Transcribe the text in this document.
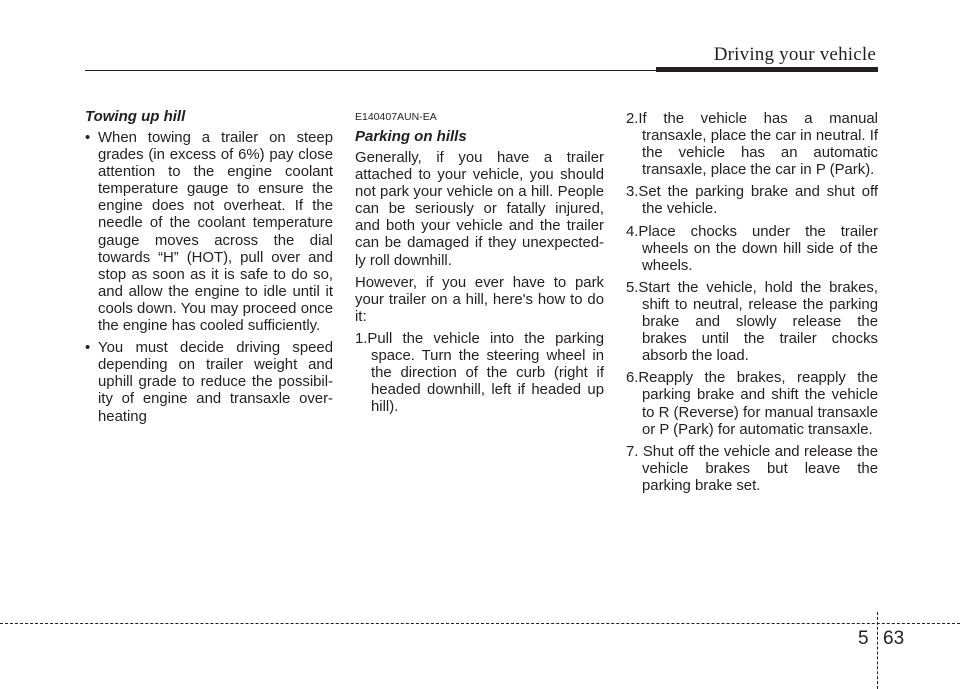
Driving your vehicle
Towing up hill
• When towing a trailer on steep grades (in excess of 6%) pay close attention to the engine coolant temperature gauge to ensure the engine does not overheat. If the needle of the coolant temperature gauge moves across the dial towards “H” (HOT), pull over and stop as soon as it is safe to do so, and allow the engine to idle until it cools down. You may proceed once the engine has cooled sufficiently.
• You must decide driving speed depending on trailer weight and uphill grade to reduce the possibil- ity of engine and transaxle over- heating
E140407AUN-EA
Parking on hills

Generally, if you have a trailer attached to your vehicle, you should not park your vehicle on a hill. People can be seriously or fatally injured, and both your vehicle and the trailer can be damaged if they unexpected- ly roll downhill.

However, if you ever have to park your trailer on a hill, here's how to do it:

1.Pull the vehicle into the parking space. Turn the steering wheel in the direction of the curb (right if headed downhill, left if headed up hill).
2.If the vehicle has a manual transaxle, place the car in neutral. If the vehicle has an automatic transaxle, place the car in P (Park).
3.Set the parking brake and shut off the vehicle.
4.Place chocks under the trailer wheels on the down hill side of the wheels.
5.Start the vehicle, hold the brakes, shift to neutral, release the parking brake and slowly release the brakes until the trailer chocks absorb the load.
6.Reapply the brakes, reapply the parking brake and shift the vehicle to R (Reverse) for manual transaxle or P (Park) for automatic transaxle.
7. Shut off the vehicle and release the vehicle brakes but leave the parking brake set.
5 63
